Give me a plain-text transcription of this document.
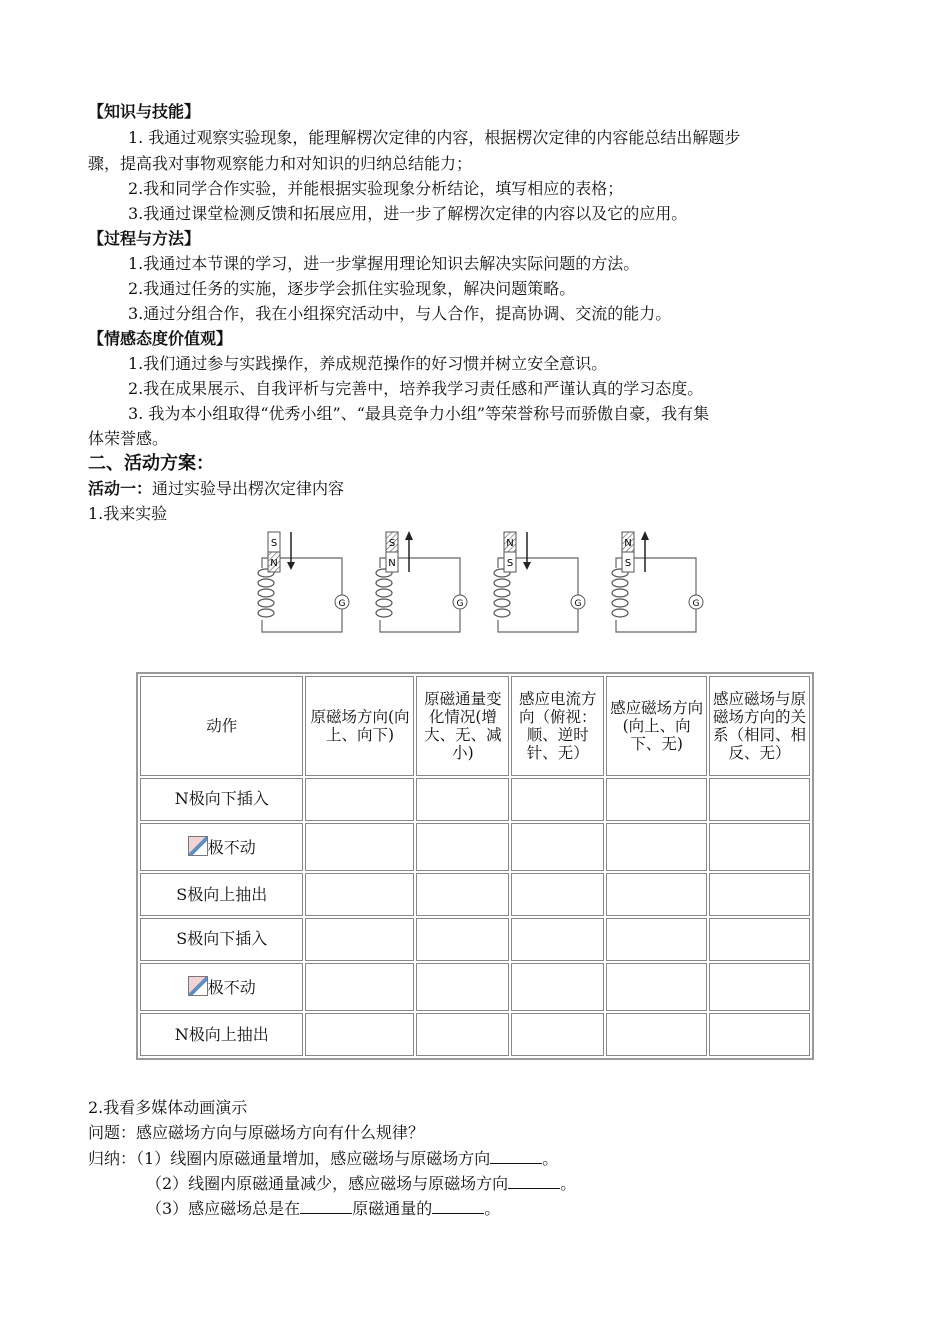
【知识与技能】
1. 我通过观察实验现象，能理解楞次定律的内容，根据楞次定律的内容能总结出解题步
骤，提高我对事物观察能力和对知识的归纳总结能力；
2.我和同学合作实验，并能根据实验现象分析结论，填写相应的表格；
3.我通过课堂检测反馈和拓展应用，进一步了解楞次定律的内容以及它的应用。
【过程与方法】
1.我通过本节课的学习，进一步掌握用理论知识去解决实际问题的方法。
2.我通过任务的实施，逐步学会抓住实验现象，解决问题策略。
3.通过分组合作，我在小组探究活动中，与人合作，提高协调、交流的能力。
【情感态度价值观】
1.我们通过参与实践操作，养成规范操作的好习惯并树立安全意识。
2.我在成果展示、自我评析与完善中，培养我学习责任感和严谨认真的学习态度。
3. 我为本小组取得“优秀小组”、“最具竞争力小组”等荣誉称号而骄傲自豪，我有集
体荣誉感。
二、活动方案：
活动一：通过实验导出楞次定律内容
1.我来实验
S
N
G
S
N
G
N
S
G
N
S
G
动作	原磁场方向(向上、向下)	原磁通量变化情况(增大、无、减小)	感应电流方向（俯视：顺、逆时针、无）	感应磁场方向(向上、向下、无)	感应磁场与原磁场方向的关系（相同、相反、无）
N极向下插入					
极不动					
S极向上抽出					
S极向下插入					
极不动					
N极向上抽出					
2.我看多媒体动画演示
问题：感应磁场方向与原磁场方向有什么规律？
归纳：（1）线圈内原磁通量增加，感应磁场与原磁场方向	。
（2）线圈内原磁通量减少，感应磁场与原磁场方向	。
（3）感应磁场总是在	原磁通量的	。
